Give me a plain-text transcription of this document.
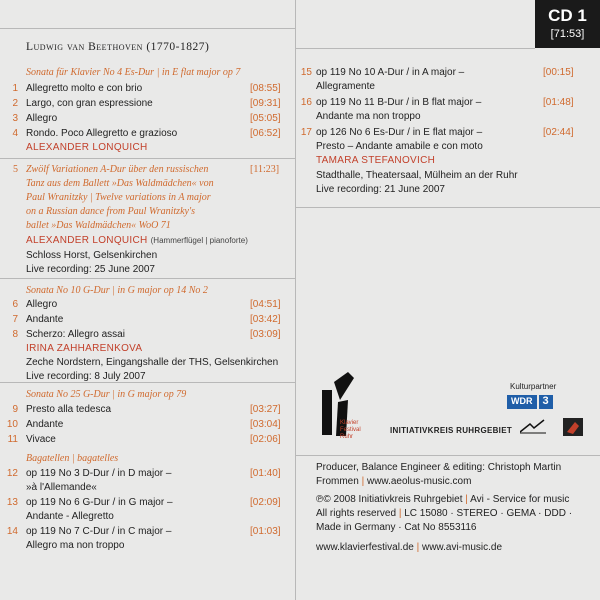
CD 1
[71:53]
Ludwig van Beethoven (1770-1827)
Sonata für Klavier No 4 Es-Dur | in E flat major op 7
1 Allegretto molto e con brio	[08:55]
2 Largo, con gran espressione	[09:31]
3 Allegro	[05:05]
4 Rondo. Poco Allegretto e grazioso	[06:52]
ALEXANDER LONQUICH
5 Zwölf Variationen A-Dur über den russischen
Tanz aus dem Ballett »Das Waldmädchen« von
Paul Wranitzky | Twelve variations in A major
on a Russian dance from Paul Wranitzky's
ballet »Das Waldmädchen« WoO 71
[11:23]
ALEXANDER LONQUICH (Hammerflügel | pianoforte)
Schloss Horst, Gelsenkirchen
Live recording: 25 June 2007
Sonata No 10 G-Dur | in G major op 14 No 2
6 Allegro	[04:51]
7 Andante	[03:42]
8 Scherzo: Allegro assai	[03:09]
IRINA ZAHHARENKOVA
Zeche Nordstern, Eingangshalle der THS, Gelsenkirchen
Live recording: 8 July 2007
Sonata No 25 G-Dur | in G major op 79
9 Presto alla tedesca	[03:27]
10 Andante	[03:04]
11 Vivace	[02:06]
Bagatellen | bagatelles
12 op 119 No 3 D-Dur / in D major –	[01:40]
»à l'Allemande«
13 op 119 No 6 G-Dur / in G major –	[02:09]
Andante - Allegretto
14 op 119 No 7 C-Dur / in C major –	[01:03]
Allegro ma non troppo
15 op 119 No 10 A-Dur / in A major –	[00:15]
Allegramente
16 op 119 No 11 B-Dur / in B flat major –	[01:48]
Andante ma non troppo
17 op 126 No 6 Es-Dur / in E flat major –	[02:44]
Presto – Andante amabile e con moto
TAMARA STEFANOVICH
Stadthalle, Theatersaal, Mülheim an der Ruhr
Live recording: 21 June 2007
Klavier
Festival
Ruhr
INITIATIVKREIS RUHRGEBIET
Kulturpartner
WDR 3
Producer, Balance Engineer & editing: Christoph Martin
Frommen | www.aeolus-music.com
℗© 2008 Initiativkreis Ruhrgebiet | Avi - Service for music
All rights reserved | LC 15080 · STEREO · GEMA · DDD ·
Made in Germany · Cat No 8553116
www.klavierfestival.de | www.avi-music.de
